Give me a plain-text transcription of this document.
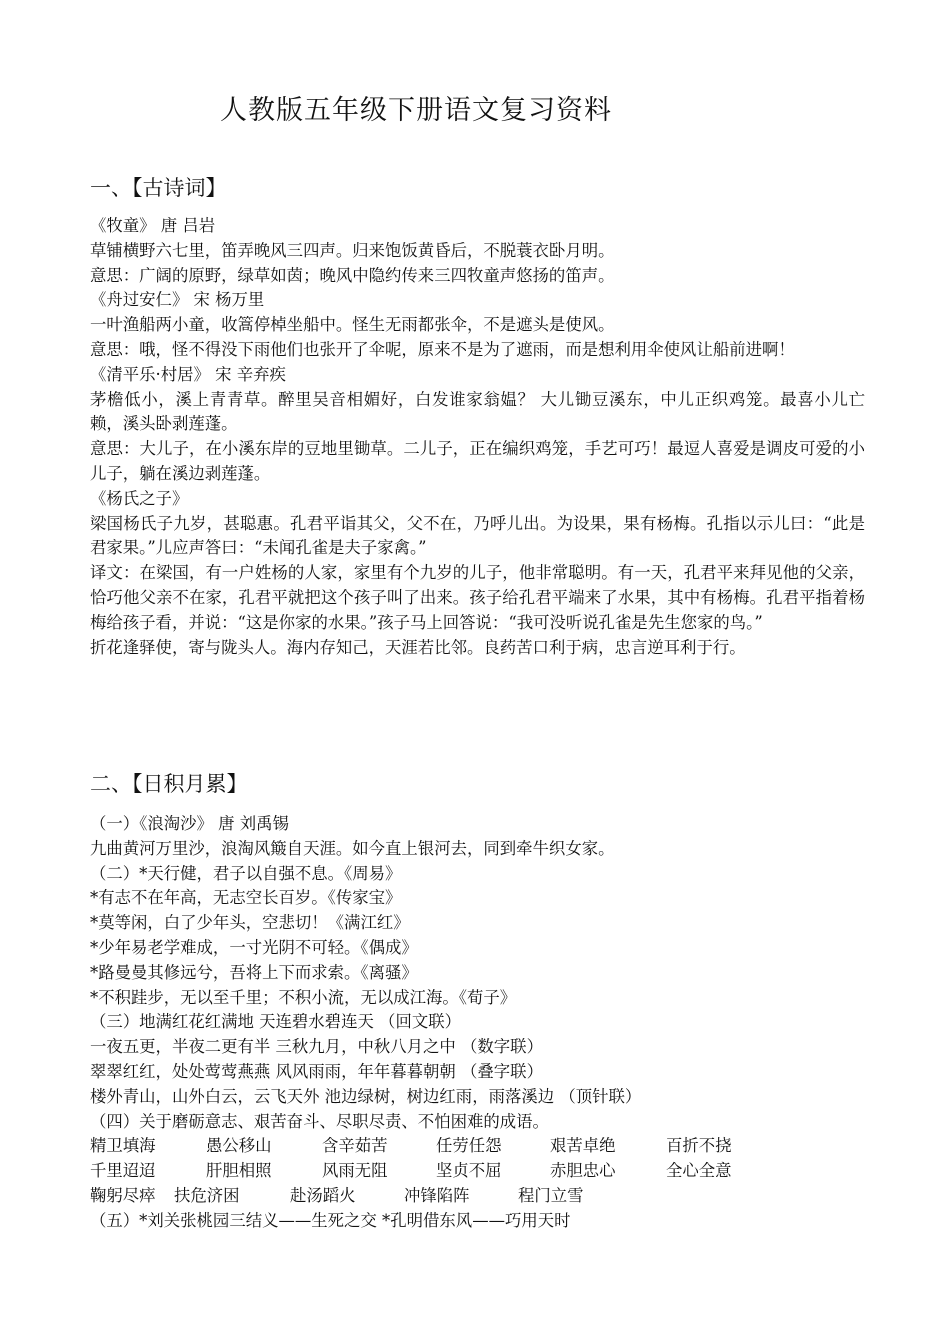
人教版五年级下册语文复习资料
一、【古诗词】
《牧童》 唐 吕岩
草铺横野六七里，笛弄晚风三四声。归来饱饭黄昏后，不脱蓑衣卧月明。
意思：广阔的原野，绿草如茵；晚风中隐约传来三四牧童声悠扬的笛声。
《舟过安仁》 宋 杨万里
一叶渔船两小童，收篙停棹坐船中。怪生无雨都张伞，不是遮头是使风。
意思：哦，怪不得没下雨他们也张开了伞呢，原来不是为了遮雨，而是想利用伞使风让船前进啊！
《清平乐·村居》 宋 辛弃疾
茅檐低小，溪上青青草。醉里吴音相媚好，白发谁家翁媪？ 大儿锄豆溪东，中儿正织鸡笼。最喜小儿亡赖，溪头卧剥莲蓬。
意思：大儿子，在小溪东岸的豆地里锄草。二儿子，正在编织鸡笼，手艺可巧！最逗人喜爱是调皮可爱的小儿子，躺在溪边剥莲蓬。
《杨氏之子》
梁国杨氏子九岁，甚聪惠。孔君平诣其父，父不在，乃呼儿出。为设果，果有杨梅。孔指以示儿曰：“此是君家果。”儿应声答曰：“未闻孔雀是夫子家禽。”
译文：在梁国，有一户姓杨的人家，家里有个九岁的儿子，他非常聪明。有一天，孔君平来拜见他的父亲，恰巧他父亲不在家，孔君平就把这个孩子叫了出来。孩子给孔君平端来了水果，其中有杨梅。孔君平指着杨梅给孩子看，并说：“这是你家的水果。”孩子马上回答说：“我可没听说孔雀是先生您家的鸟。”
折花逢驿使，寄与陇头人。海内存知己，天涯若比邻。良药苦口利于病，忠言逆耳利于行。
二、【日积月累】
（一）《浪淘沙》 唐 刘禹锡
九曲黄河万里沙，浪淘风簸自天涯。如今直上银河去，同到牵牛织女家。
（二）*天行健，君子以自强不息。《周易》
*有志不在年高，无志空长百岁。《传家宝》
*莫等闲，白了少年头，空悲切！《满江红》
*少年易老学难成，一寸光阴不可轻。《偶成》
*路曼曼其修远兮，吾将上下而求索。《离骚》
*不积跬步，无以至千里；不积小流，无以成江海。《荀子》
（三）地满红花红满地 天连碧水碧连天 （回文联）
一夜五更，半夜二更有半 三秋九月，中秋八月之中 （数字联）
翠翠红红，处处莺莺燕燕 风风雨雨，年年暮暮朝朝 （叠字联）
楼外青山，山外白云，云飞天外 池边绿树，树边红雨，雨落溪边 （顶针联）
（四）关于磨砺意志、艰苦奋斗、尽职尽责、不怕困难的成语。
精卫填海	愚公移山	含辛茹苦	任劳任怨	艰苦卓绝	百折不挠
千里迢迢	肝胆相照	风雨无阻	坚贞不屈	赤胆忠心	全心全意
鞠躬尽瘁	扶危济困	赴汤蹈火	冲锋陷阵	程门立雪
（五）*刘关张桃园三结义——生死之交 *孔明借东风——巧用天时
